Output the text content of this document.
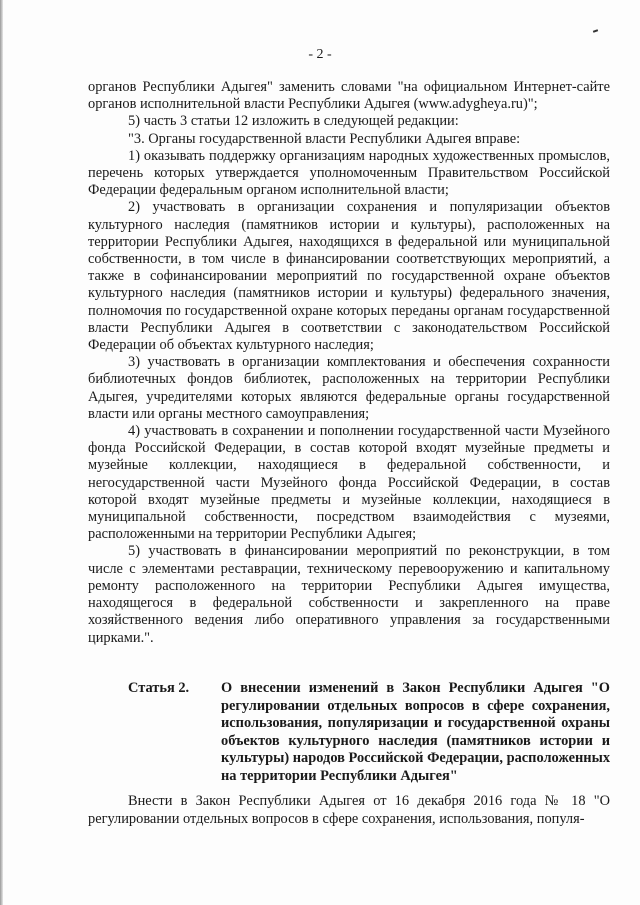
- 2 -

органов Республики Адыгея" заменить словами "на официальном Интернет-сайте органов исполнительной власти Республики Адыгея (www.adygheya.ru)";

5) часть 3 статьи 12 изложить в следующей редакции:

"3. Органы государственной власти Республики Адыгея вправе:

1) оказывать поддержку организациям народных художественных промыслов, перечень которых утверждается уполномоченным Правительством Российской Федерации федеральным органом исполнительной власти;

2) участвовать в организации сохранения и популяризации объектов культурного наследия (памятников истории и культуры), расположенных на территории Республики Адыгея, находящихся в федеральной или муниципальной собственности, в том числе в финансировании соответствующих мероприятий, а также в софинансировании мероприятий по государственной охране объектов культурного наследия (памятников истории и культуры) федерального значения, полномочия по государственной охране которых переданы органам государственной власти Республики Адыгея в соответствии с законодательством Российской Федерации об объектах культурного наследия;

3) участвовать в организации комплектования и обеспечения сохранности библиотечных фондов библиотек, расположенных на территории Республики Адыгея, учредителями которых являются федеральные органы государственной власти или органы местного самоуправления;

4) участвовать в сохранении и пополнении государственной части Музейного фонда Российской Федерации, в состав которой входят музейные предметы и музейные коллекции, находящиеся в федеральной собственности, и негосударственной части Музейного фонда Российской Федерации, в состав которой входят музейные предметы и музейные коллекции, находящиеся в муниципальной собственности, посредством взаимодействия с музеями, расположенными на территории Республики Адыгея;

5) участвовать в финансировании мероприятий по реконструкции, в том числе с элементами реставрации, техническому перевооружению и капитальному ремонту расположенного на территории Республики Адыгея имущества, находящегося в федеральной собственности и закрепленного на праве хозяйственного ведения либо оперативного управления за государственными цирками.".

Статья 2. О внесении изменений в Закон Республики Адыгея "О регулировании отдельных вопросов в сфере сохранения, использования, популяризации и государственной охраны объектов культурного наследия (памятников истории и культуры) народов Российской Федерации, расположенных на территории Республики Адыгея"

Внести в Закон Республики Адыгея от 16 декабря 2016 года № 18 "О регулировании отдельных вопросов в сфере сохранения, использования, популя-
